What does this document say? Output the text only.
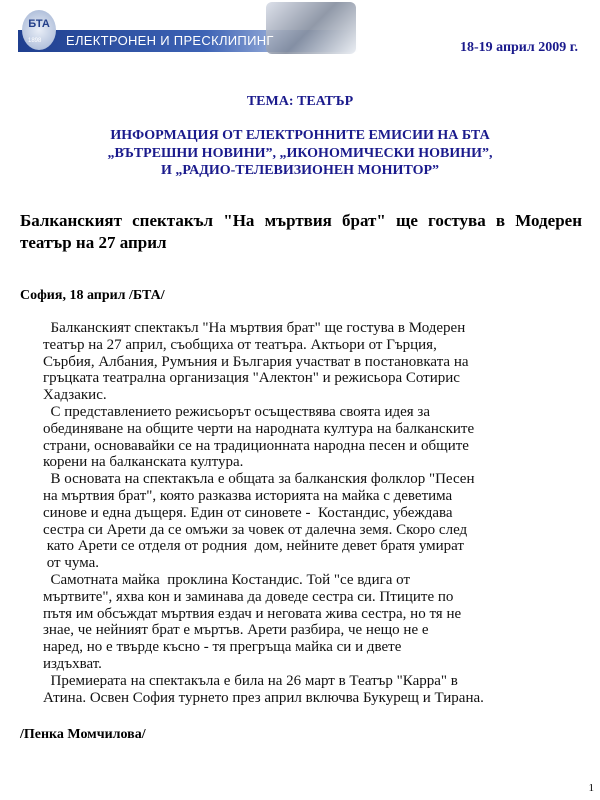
БТА
1898 ЕЛЕКТРОНЕН И ПРЕСКЛИПИНГ	18-19 април 2009 г.
ТЕМА: ТЕАТЪР
ИНФОРМАЦИЯ ОТ ЕЛЕКТРОННИТЕ ЕМИСИИ НА БТА
„ВЪТРЕШНИ НОВИНИ”, „ИКОНОМИЧЕСКИ НОВИНИ”,
И „РАДИО-ТЕЛЕВИЗИОНЕН МОНИТОР”
Балканският спектакъл "На мъртвия брат" ще гостува в Модерен театър на 27 април
София, 18 април /БТА/
Балканският спектакъл "На мъртвия брат" ще гостува в Модерен
театър на 27 април, съобщиха от театъра. Актьори от Гърция,
Сърбия, Албания, Румъния и България участват в постановката на
гръцката театрална организация "Алектон" и режисьора Сотирис
Хадзакис.
С представлението режисьорът осъществява своята идея за
обединяване на общите черти на народната култура на балканските
страни, основавайки се на традиционната народна песен и общите
корени на балканската култура.
В основата на спектакъла е общата за балканския фолклор "Песен
на мъртвия брат", която разказва историята на майка с деветима
синове и една дъщеря. Един от синовете -  Костандис, убеждава
сестра си Арети да се омъжи за човек от далечна земя. Скоро след
като Арети се отделя от родния  дом, нейните девет братя умират
от чума.
Самотната майка  проклина Костандис. Той "се вдига от
мъртвите", яхва кон и заминава да доведе сестра си. Птиците по
пътя им обсъждат мъртвия ездач и неговата жива сестра, но тя не
знае, че нейният брат е мъртъв. Арети разбира, че нещо не е
наред, но е твърде късно - тя прегръща майка си и двете
издъхват.
Премиерата на спектакъла е била на 26 март в Театър "Карра" в
Атина. Освен София турнето през април включва Букурещ и Тирана.
/Пенка Момчилова/
1
